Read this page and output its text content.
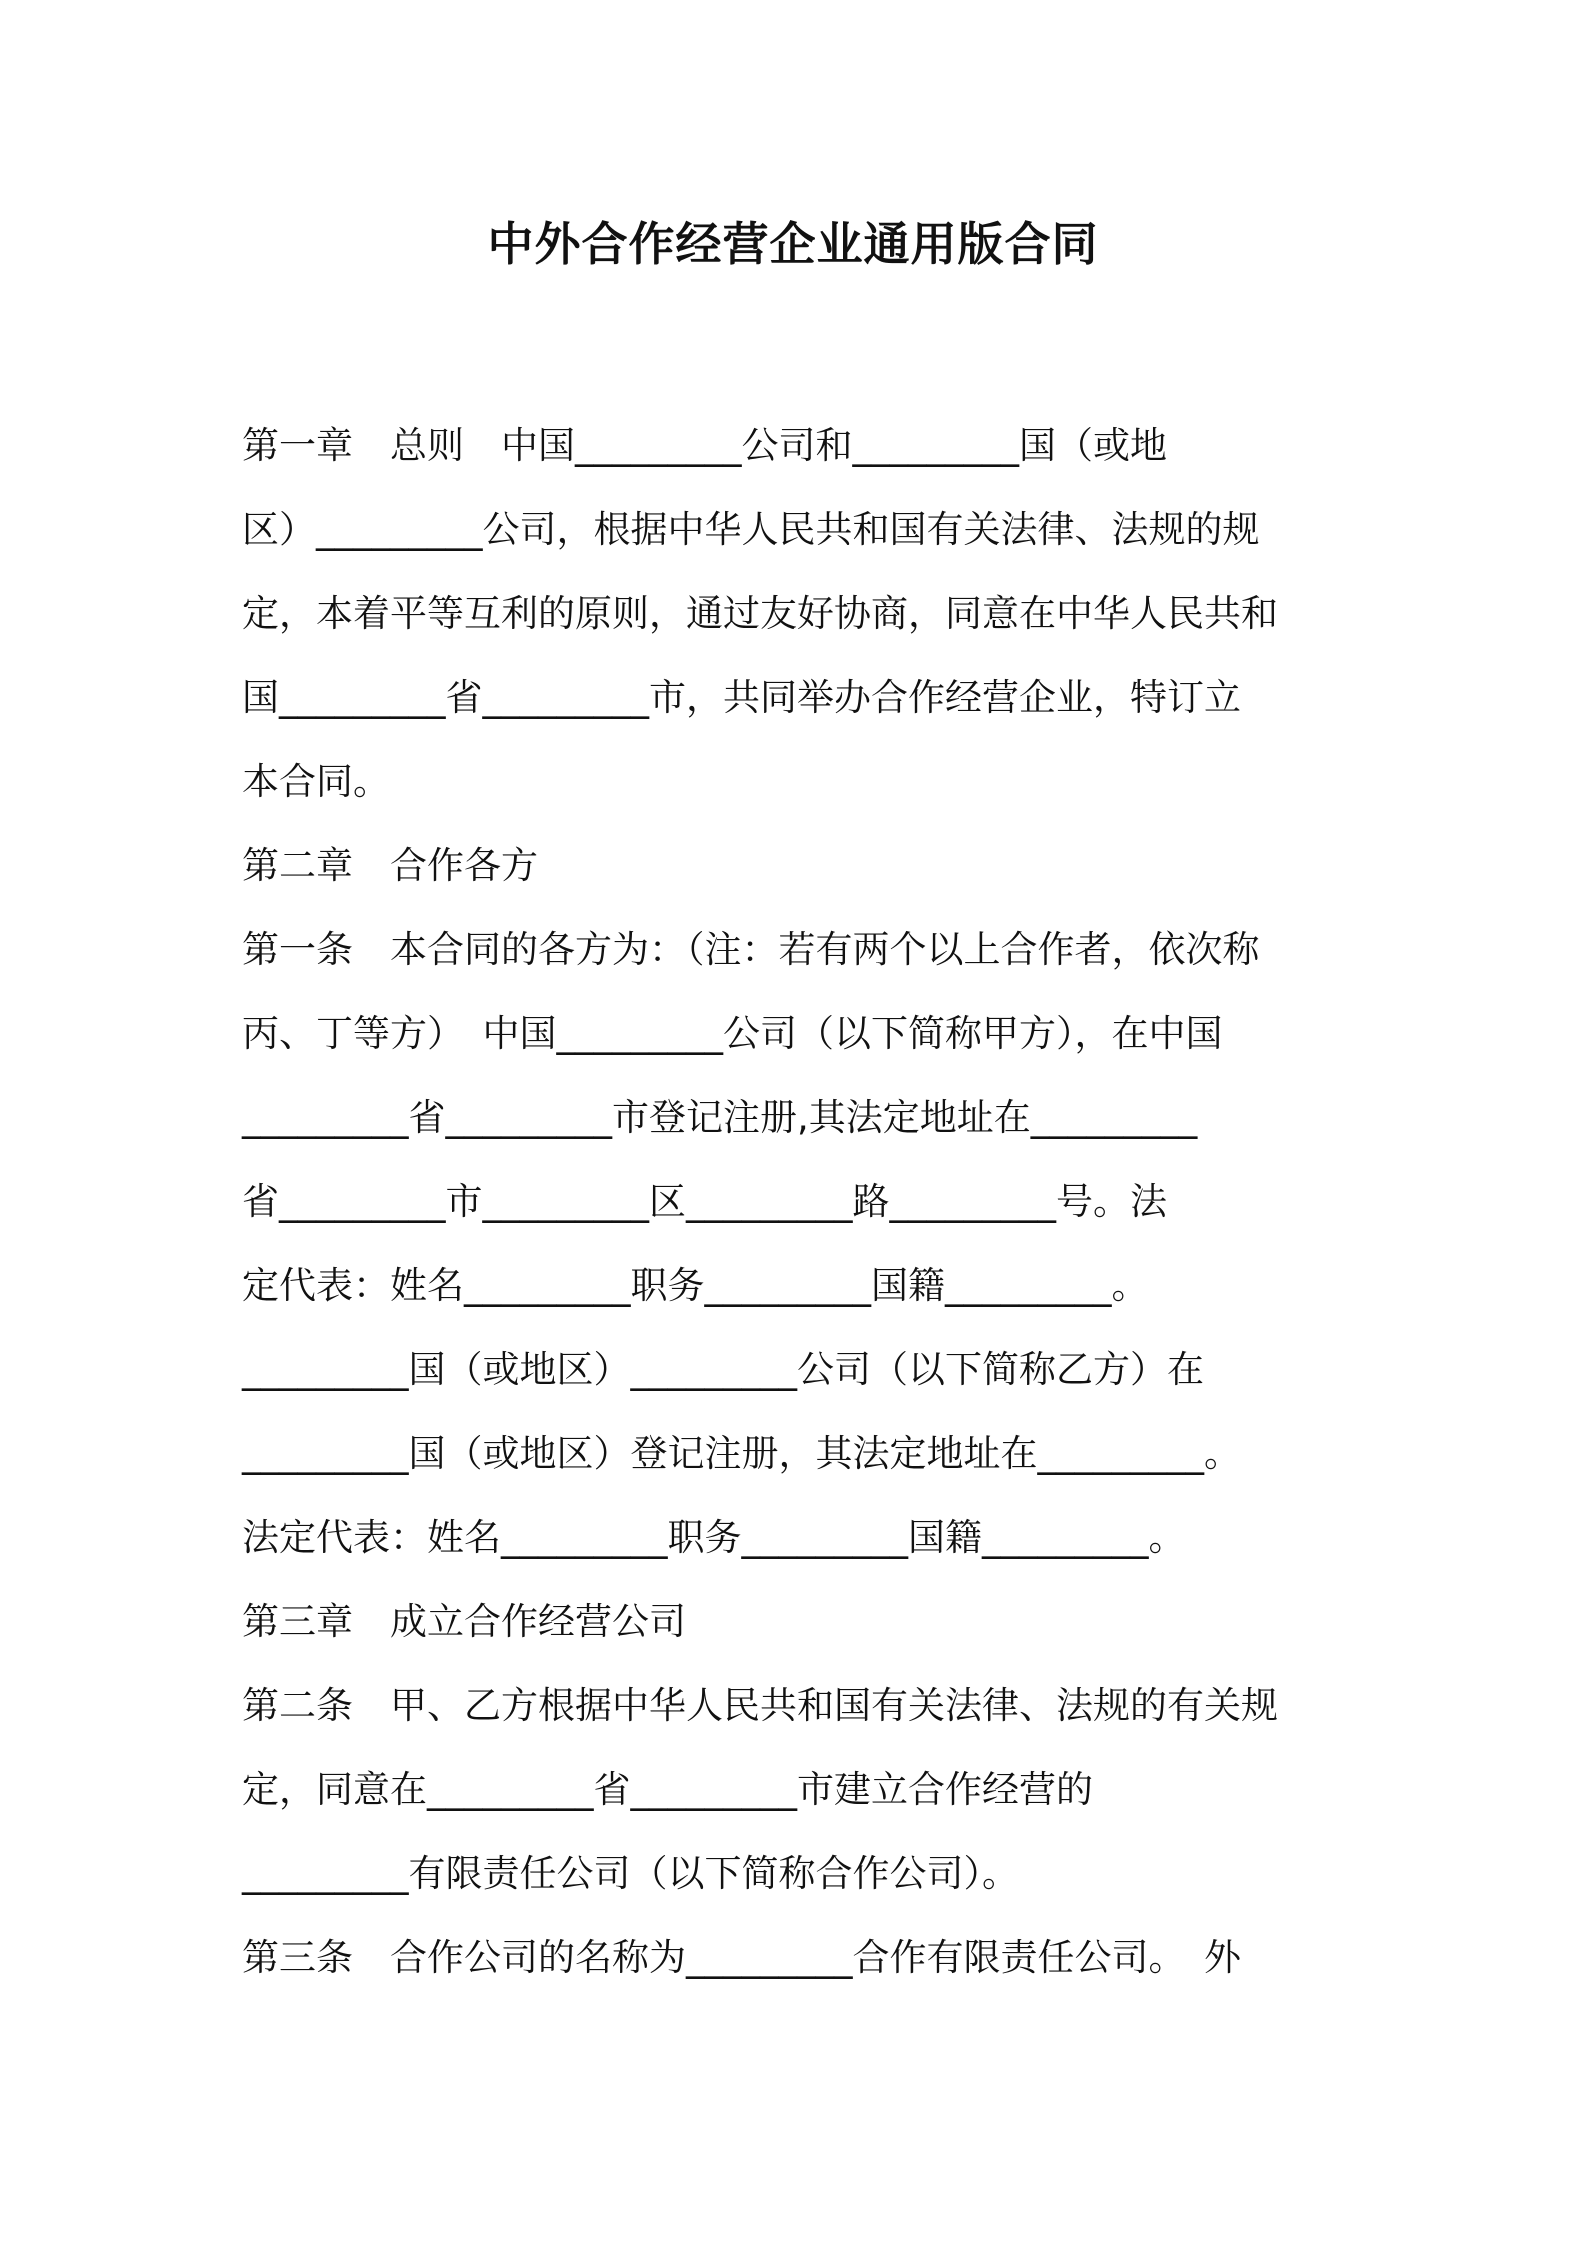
中外合作经营企业通用版合同
第一章　总则　中国_________公司和_________国（或地
区）_________公司，根据中华人民共和国有关法律、法规的规
定，本着平等互利的原则，通过友好协商，同意在中华人民共和
国_________省_________市，共同举办合作经营企业，特订立
本合同。
第二章　合作各方
第一条　本合同的各方为：（注：若有两个以上合作者，依次称
丙、丁等方）　中国_________公司（以下简称甲方），在中国
_________省_________市登记注册,其法定地址在_________
省_________市_________区_________路_________号。法
定代表：姓名_________职务_________国籍_________。
_________国（或地区）_________公司（以下简称乙方）在
_________国（或地区）登记注册，其法定地址在_________。
法定代表：姓名_________职务_________国籍_________。
第三章　成立合作经营公司
第二条　甲、乙方根据中华人民共和国有关法律、法规的有关规
定，同意在_________省_________市建立合作经营的
_________有限责任公司（以下简称合作公司）。
第三条　合作公司的名称为_________合作有限责任公司。　外
